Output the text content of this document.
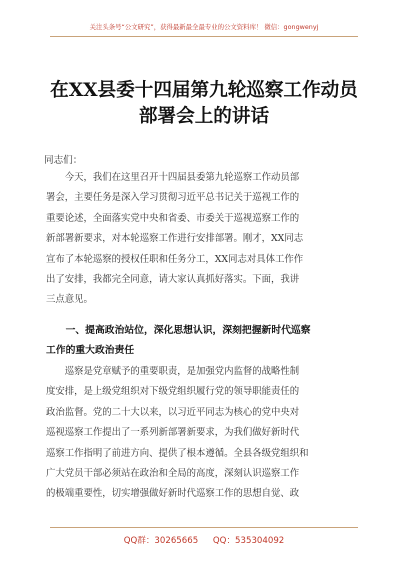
关注头条号“公文研究”，获得最新最全最专业的公文资料库！ 微信：gongwenyj
在XX县委十四届第九轮巡察工作动员
部署会上的讲话
同志们：
　　今天，我们在这里召开十四届县委第九轮巡察工作动员部
署会，主要任务是深入学习贯彻习近平总书记关于巡视工作的
重要论述，全面落实党中央和省委、市委关于巡视巡察工作的
新部署新要求，对本轮巡察工作进行安排部署。刚才，XX同志
宣布了本轮巡察的授权任职和任务分工，XX同志对具体工作作
出了安排，我都完全同意，请大家认真抓好落实。下面，我讲
三点意见。
　　一、提高政治站位，深化思想认识，深刻把握新时代巡察
工作的重大政治责任
　　巡察是党章赋予的重要职责，是加强党内监督的战略性制
度安排，是上级党组织对下级党组织履行党的领导职能责任的
政治监督。党的二十大以来，以习近平同志为核心的党中央对
巡视巡察工作提出了一系列新部署新要求，为我们做好新时代
巡察工作指明了前进方向、提供了根本遵循。全县各级党组织和
广大党员干部必须站在政治和全局的高度，深刻认识巡察工作
的极端重要性，切实增强做好新时代巡察工作的思想自觉、政
QQ群：30265665 QQ：535304092
